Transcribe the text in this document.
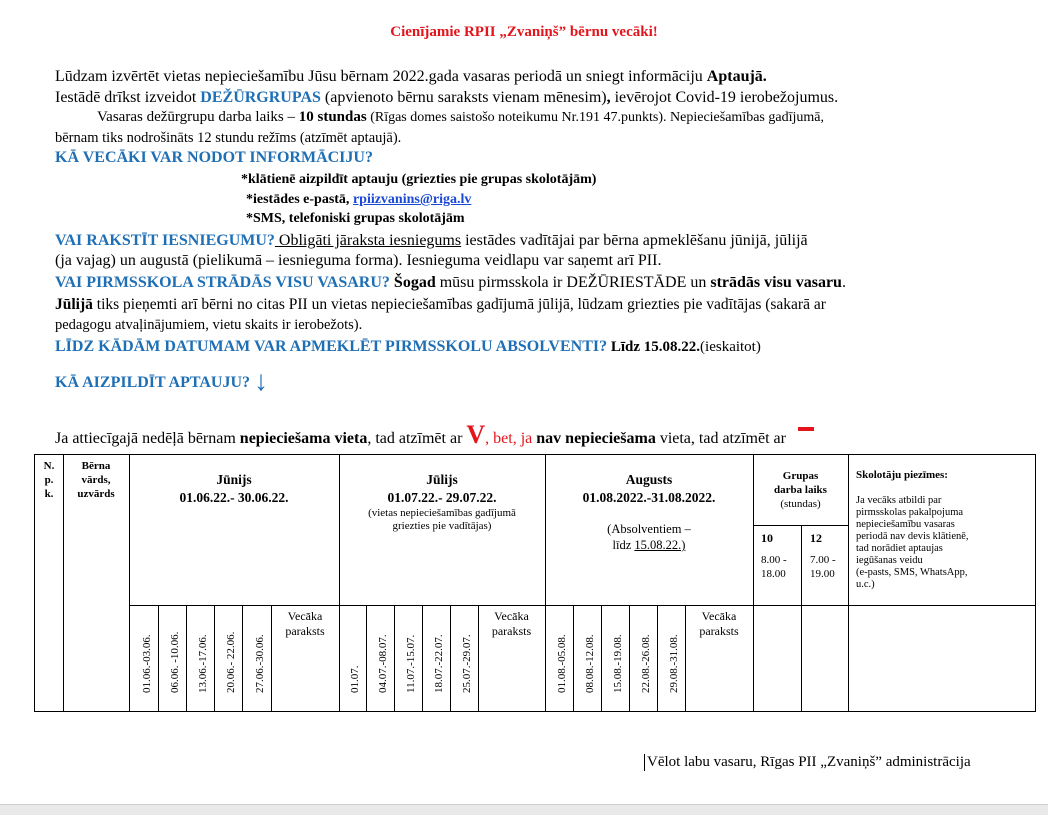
Cienījamie RPII „Zvaniņš” bērnu vecāki!
Lūdzam izvērtēt vietas nepieciešamību Jūsu bērnam 2022.gada vasaras periodā un sniegt informāciju Aptaujā.
Iestādē drīkst izveidot DEŽŪRGRUPAS (apvienoto bērnu saraksts vienam mēnesim), ievērojot Covid-19 ierobežojumus.
Vasaras dežūrgrupu darba laiks – 10 stundas (Rīgas domes saistošo noteikumu Nr.191 47.punkts). Nepieciešamības gadījumā,
bērnam tiks nodrošināts 12 stundu režīms (atzīmēt aptaujā).
KĀ VECĀKI VAR NODOT INFORMĀCIJU?
*klātienē aizpildīt aptauju (griezties pie grupas skolotājām)
*iestādes e-pastā, rpiizvanins@riga.lv
*SMS, telefoniski grupas skolotājām
VAI RAKSTĪT IESNIEGUMU? Obligāti jāraksta iesniegums iestādes vadītājai par bērna apmeklēšanu jūnijā, jūlijā
(ja vajag) un augustā (pielikumā – iesnieguma forma). Iesnieguma veidlapu var saņemt arī PII.
VAI PIRMSSKOLA STRĀDĀS VISU VASARU? Šogad mūsu pirmsskola ir DEŽŪRIESTĀDE un strādās visu vasaru.
Jūlijā tiks pieņemti arī bērni no citas PII un vietas nepieciešamības gadījumā jūlijā, lūdzam griezties pie vadītājas (sakarā ar
pedagogu atvaļinājumiem, vietu skaits ir ierobežots).
LĪDZ KĀDĀM DATUMAM VAR APMEKLĒT PIRMSSKOLU ABSOLVENTI? Līdz 15.08.22.(ieskaitot)
KĀ AIZPILDĪT APTAUJU? ↓
Ja attiecīgajā nedēļā bērnam nepieciešama vieta, tad atzīmēt ar V, bet, ja nav nepieciešama vieta, tad atzīmēt ar
N.
p.
k.
Bērna
vārds,
uzvārds
Jūnijs
01.06.22.- 30.06.22.
Jūlijs
01.07.22.- 29.07.22.
(vietas nepieciešamības gadījumā
griezties pie vadītājas)
Augusts
01.08.2022.-31.08.2022.
(Absolventiem –
līdz 15.08.22.)
Grupas
darba laiks
(stundas)
10
8.00 -
18.00
12
7.00 -
19.00
Skolotāju piezīmes:
Ja vecāks atbildi par
pirmsskolas pakalpojuma
nepieciešamību vasaras
periodā nav devis klātienē,
tad norādiet aptaujas
iegūšanas veidu
(e-pasts, SMS, WhatsApp,
u.c.)
01.06.-03.06. 06.06. -10.06. 13.06.-17.06. 20.06.- 22.06. 27.06.-30.06.
Vecāka
paraksts
01.07. 04.07.-08.07. 11.07.-15.07. 18.07.-22.07. 25.07.-29.07.
Vecāka
paraksts
01.08.-05.08. 08.08.-12.08. 15.08.-19.08. 22.08.-26.08. 29.08.-31.08.
Vecāka
paraksts
Vēlot labu vasaru, Rīgas PII „Zvaniņš” administrācija
